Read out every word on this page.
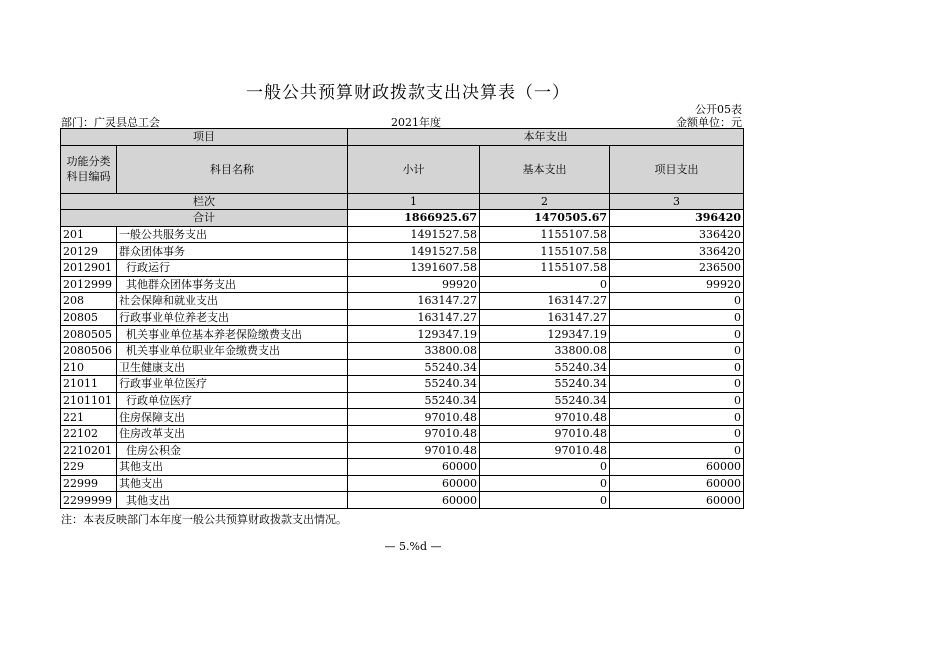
一般公共预算财政拨款支出决算表（一）
公开05表
部门：广灵县总工会	2021年度	金额单位：元
项目		本年支出		
功能分类科目编码	科目名称	小计	基本支出	项目支出
栏次		1	2	3
合计		1866925.67	1470505.67	396420
201	一般公共服务支出	1491527.58	1155107.58	336420
20129	群众团体事务	1491527.58	1155107.58	336420
2012901	行政运行	1391607.58	1155107.58	236500
2012999	其他群众团体事务支出	99920	0	99920
208	社会保障和就业支出	163147.27	163147.27	0
20805	行政事业单位养老支出	163147.27	163147.27	0
2080505	机关事业单位基本养老保险缴费支出	129347.19	129347.19	0
2080506	机关事业单位职业年金缴费支出	33800.08	33800.08	0
210	卫生健康支出	55240.34	55240.34	0
21011	行政事业单位医疗	55240.34	55240.34	0
2101101	行政单位医疗	55240.34	55240.34	0
221	住房保障支出	97010.48	97010.48	0
22102	住房改革支出	97010.48	97010.48	0
2210201	住房公积金	97010.48	97010.48	0
229	其他支出	60000	0	60000
22999	其他支出	60000	0	60000
2299999	其他支出	60000	0	60000
注：本表反映部门本年度一般公共预算财政拨款支出情况。
— 5.%d —
